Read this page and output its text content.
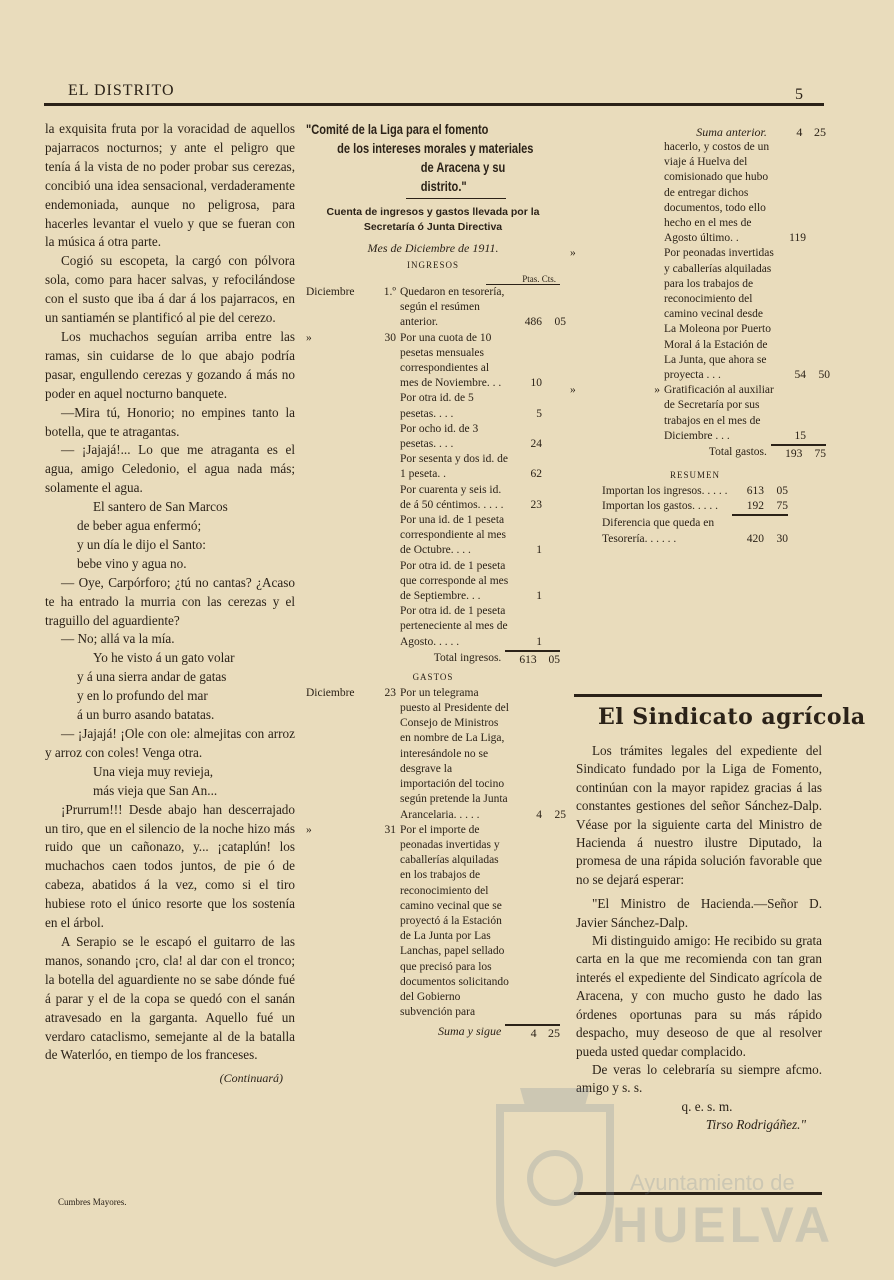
EL DISTRITO	5

la exquisita fruta por la voracidad de aquellos pajarracos nocturnos; y ante el peligro que tenía á la vista de no poder probar sus cerezas, concibió una idea sensacional, verdaderamente endemoniada, aunque no peligrosa, para hacerles levantar el vuelo y que se fueran con la música á otra parte.

Cogió su escopeta, la cargó con pólvora sola, como para hacer salvas, y refocilándose con el susto que iba á dar á los pajarracos, en un santiamén se plantificó al pie del cerezo.

Los muchachos seguían arriba entre las ramas, sin cuidarse de lo que abajo podría pasar, engullendo cerezas y gozando á más no poder en aquel nocturno banquete.

—Mira tú, Honorio; no empines tanto la botella, que te atragantas.

— ¡Jajajá!... Lo que me atraganta es el agua, amigo Celedonio, el agua nada más; solamente el agua.

El santero de San Marcos

de beber agua enfermó;

y un día le dijo el Santo:

bebe vino y agua no.

— Oye, Carpórforo; ¿tú no cantas? ¿Acaso te ha entrado la murria con las cerezas y el traguillo del aguardiente?

— No; allá va la mía.

Yo he visto á un gato volar

y á una sierra andar de gatas

y en lo profundo del mar

á un burro asando batatas.

— ¡Jajajá! ¡Ole con ole: almejitas con arroz y arroz con coles! Venga otra.

Una vieja muy revieja,

más vieja que San An...

¡Prurrum!!! Desde abajo han descerrajado un tiro, que en el silencio de la noche hizo más ruido que un cañonazo, y... ¡cataplún! los muchachos caen todos juntos, de pie ó de cabeza, abatidos á la vez, como si el tiro hubiese roto el único resorte que los sostenía en el árbol.

A Serapio se le escapó el guitarro de las manos, sonando ¡cro, cla! al dar con el tronco; la botella del aguardiente no se sabe dónde fué á parar y el de la copa se quedó con el sanán atravesado en la garganta. Aquello fué un verdaro cataclismo, semejante al de la batalla de Waterlóo, en tiempo de los franceses.

(Continuará)
Cumbres Mayores.
"Comité de la Liga para el fomento
de los intereses morales y materiales
de Aracena y su distrito."
Cuenta de ingresos y gastos llevada por la Secretaría ó Junta Directiva
Mes de Diciembre de 1911.
INGRESOS
Ptas. Cts.
Diciembre	1.º Quedaron en tesorería, según el resúmen anterior.	486	05
»	30 Por una cuota de 10 pesetas mensuales correspondientes al mes de Noviembre. . .	10
Por otra id. de 5 pesetas. . . .	5
Por ocho id. de 3 pesetas. . . .	24
Por sesenta y dos id. de 1 peseta. .	62
Por cuarenta y seis id. de á 50 céntimos. . . . .	23
Por una id. de 1 peseta correspondiente al mes de Octubre. . . .	1
Por otra id. de 1 peseta que corresponde al mes de Septiembre. . .	1
Por otra id. de 1 peseta perteneciente al mes de Agosto. . . . .	1
Total ingresos.	613	05
GASTOS
Diciembre	23 Por un telegrama puesto al Presidente del Consejo de Ministros en nombre de La Liga, interesándole no se desgrave la importación del tocino según pretende la Junta Arancelaria. . . . .	4	25
»	31 Por el importe de peonadas invertidas y caballerías alquiladas en los trabajos de reconocimiento del camino vecinal que se proyectó á la Estación de La Junta por Las Lanchas, papel sellado que precisó para los documentos solicitando del Gobierno subvención para
Suma y sigue	4 25
Suma anterior.	4 25
hacerlo, y costos de un viaje á Huelva del comisionado que hubo de entregar dichos documentos, todo ello hecho en el mes de Agosto último. .	119
»	Por peonadas invertidas y caballerías alquiladas para los trabajos de reconocimiento del camino vecinal desde La Moleona por Puerto Moral á la Estación de La Junta, que ahora se proyecta . . .	54	50
»	» Gratificación al auxiliar de Secretaría por sus trabajos en el mes de Diciembre . . .	15
Total gastos.	193	75
RESUMEN
Importan los ingresos. . . . .	613	05
Importan los gastos. . . . .	192	75
Diferencia que queda en Tesorería. . . . . .	420	30
El Sindicato agrícola

Los trámites legales del expediente del Sindicato fundado por la Liga de Fomento, continúan con la mayor rapidez gracias á las constantes gestiones del señor Sánchez-Dalp. Véase por la siguiente carta del Ministro de Hacienda á nuestro ilustre Diputado, la promesa de una rápida solución favorable que no se dejará esperar:

"El Ministro de Hacienda.—Señor D. Javier Sánchez-Dalp.

Mi distinguido amigo: He recibido su grata carta en la que me recomienda con tan gran interés el expediente del Sindicato agrícola de Aracena, y con mucho gusto he dado las órdenes oportunas para su más rápido despacho, muy deseoso de que al resolver pueda usted quedar complacido.

De veras lo celebraría su siempre afcmo. amigo y s. s.

q. e. s. m.

Tirso Rodrigáñez."

Ayuntamiento de
HUELVA
